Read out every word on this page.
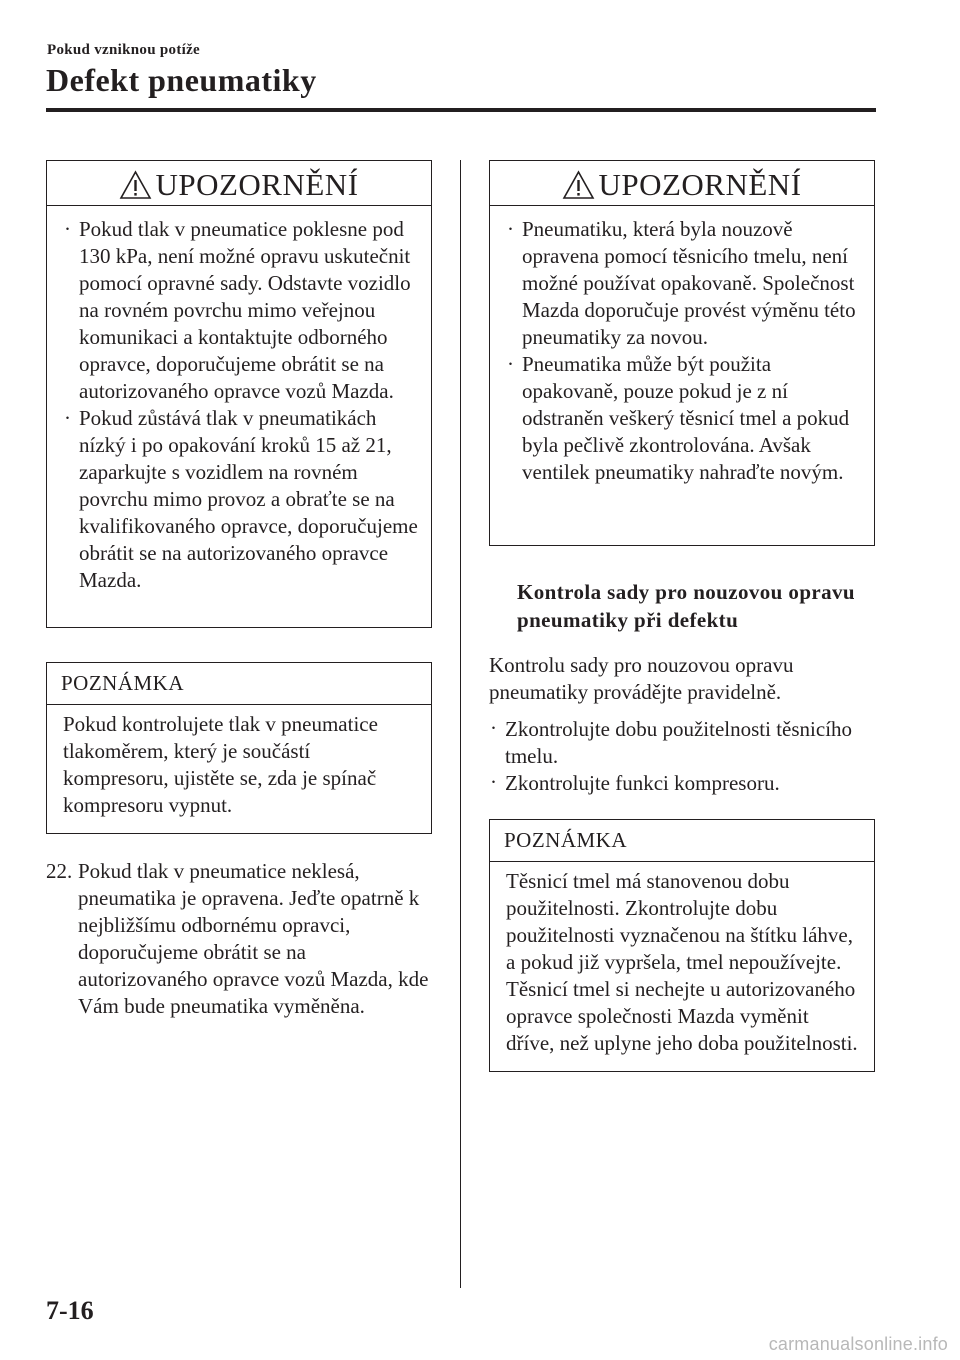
Pokud vzniknou potíže
Defekt pneumatiky
UPOZORNĚNÍ
· Pokud tlak v pneumatice poklesne pod 130 kPa, není možné opravu uskutečnit pomocí opravné sady. Odstavte vozidlo na rovném povrchu mimo veřejnou komunikaci a kontaktujte odborného opravce, doporučujeme obrátit se na autorizovaného opravce vozů Mazda.
· Pokud zůstává tlak v pneumatikách nízký i po opakování kroků 15 až 21, zaparkujte s vozidlem na rovném povrchu mimo provoz a obraťte se na kvalifikovaného opravce, doporučujeme obrátit se na autorizovaného opravce Mazda.
POZNÁMKA

Pokud kontrolujete tlak v pneumatice tlakoměrem, který je součástí kompresoru, ujistěte se, zda je spínač kompresoru vypnut.

22. Pokud tlak v pneumatice neklesá, pneumatika je opravena. Jeďte opatrně k nejbližšímu odbornému opravci, doporučujeme obrátit se na autorizovaného opravce vozů Mazda, kde Vám bude pneumatika vyměněna.
UPOZORNĚNÍ
· Pneumatiku, která byla nouzově opravena pomocí těsnicího tmelu, není možné používat opakovaně. Společnost Mazda doporučuje provést výměnu této pneumatiky za novou.
· Pneumatika může být použita opakovaně, pouze pokud je z ní odstraněn veškerý těsnicí tmel a pokud byla pečlivě zkontrolována. Avšak ventilek pneumatiky nahraďte novým.
Kontrola sady pro nouzovou opravu pneumatiky při defektu

Kontrolu sady pro nouzovou opravu pneumatiky provádějte pravidelně.

· Zkontrolujte dobu použitelnosti těsnicího tmelu.
· Zkontrolujte funkci kompresoru.
POZNÁMKA

Těsnicí tmel má stanovenou dobu použitelnosti. Zkontrolujte dobu použitelnosti vyznačenou na štítku láhve, a pokud již vypršela, tmel nepoužívejte. Těsnicí tmel si nechejte u autorizovaného opravce společnosti Mazda vyměnit dříve, než uplyne jeho doba použitelnosti.

7-16
carmanualsonline.info
